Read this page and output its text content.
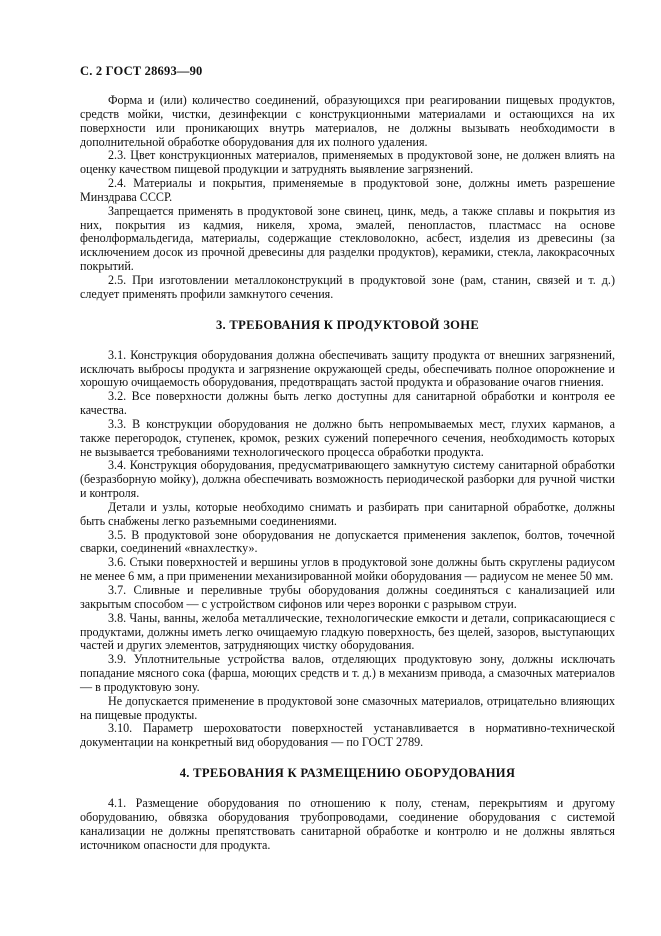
С. 2 ГОСТ 28693—90

Форма и (или) количество соединений, образующихся при реагировании пищевых продуктов, средств мойки, чистки, дезинфекции с конструкционными материалами и остающихся на их поверхности или проникающих внутрь материалов, не должны вызывать необходимости в дополнительной обработке оборудования для их полного удаления.

2.3. Цвет конструкционных материалов, применяемых в продуктовой зоне, не должен влиять на оценку качеством пищевой продукции и затруднять выявление загрязнений.

2.4. Материалы и покрытия, применяемые в продуктовой зоне, должны иметь разрешение Минздрава СССР.

Запрещается применять в продуктовой зоне свинец, цинк, медь, а также сплавы и покрытия из них, покрытия из кадмия, никеля, хрома, эмалей, пенопластов, пластмасс на основе фенолформальдегида, материалы, содержащие стекловолокно, асбест, изделия из древесины (за исключением досок из прочной древесины для разделки продуктов), керамики, стекла, лакокрасочных покрытий.

2.5. При изготовлении металлоконструкций в продуктовой зоне (рам, станин, связей и т. д.) следует применять профили замкнутого сечения.

3. ТРЕБОВАНИЯ К ПРОДУКТОВОЙ ЗОНЕ

3.1. Конструкция оборудования должна обеспечивать защиту продукта от внешних загрязнений, исключать выбросы продукта и загрязнение окружающей среды, обеспечивать полное опорожнение и хорошую очищаемость оборудования, предотвращать застой продукта и образование очагов гниения.

3.2. Все поверхности должны быть легко доступны для санитарной обработки и контроля ее качества.

3.3. В конструкции оборудования не должно быть непромываемых мест, глухих карманов, а также перегородок, ступенек, кромок, резких сужений поперечного сечения, необходимость которых не вызывается требованиями технологического процесса обработки продукта.

3.4. Конструкция оборудования, предусматривающего замкнутую систему санитарной обработки (безразборную мойку), должна обеспечивать возможность периодической разборки для ручной чистки и контроля.

Детали и узлы, которые необходимо снимать и разбирать при санитарной обработке, должны быть снабжены легко разъемными соединениями.

3.5. В продуктовой зоне оборудования не допускается применения заклепок, болтов, точечной сварки, соединений «внахлестку».

3.6. Стыки поверхностей и вершины углов в продуктовой зоне должны быть скруглены радиусом не менее 6 мм, а при применении механизированной мойки оборудования — радиусом не менее 50 мм.

3.7. Сливные и переливные трубы оборудования должны соединяться с канализацией или закрытым способом — с устройством сифонов или через воронки с разрывом струи.

3.8. Чаны, ванны, желоба металлические, технологические емкости и детали, соприкасающиеся с продуктами, должны иметь легко очищаемую гладкую поверхность, без щелей, зазоров, выступающих частей и других элементов, затрудняющих чистку оборудования.

3.9. Уплотнительные устройства валов, отделяющих продуктовую зону, должны исключать попадание мясного сока (фарша, моющих средств и т. д.) в механизм привода, а смазочных материалов — в продуктовую зону.

Не допускается применение в продуктовой зоне смазочных материалов, отрицательно влияющих на пищевые продукты.

3.10. Параметр шероховатости поверхностей устанавливается в нормативно-технической документации на конкретный вид оборудования — по ГОСТ 2789.

4. ТРЕБОВАНИЯ К РАЗМЕЩЕНИЮ ОБОРУДОВАНИЯ

4.1. Размещение оборудования по отношению к полу, стенам, перекрытиям и другому оборудованию, обвязка оборудования трубопроводами, соединение оборудования с системой канализации не должны препятствовать санитарной обработке и контролю и не должны являться источником опасности для продукта.
